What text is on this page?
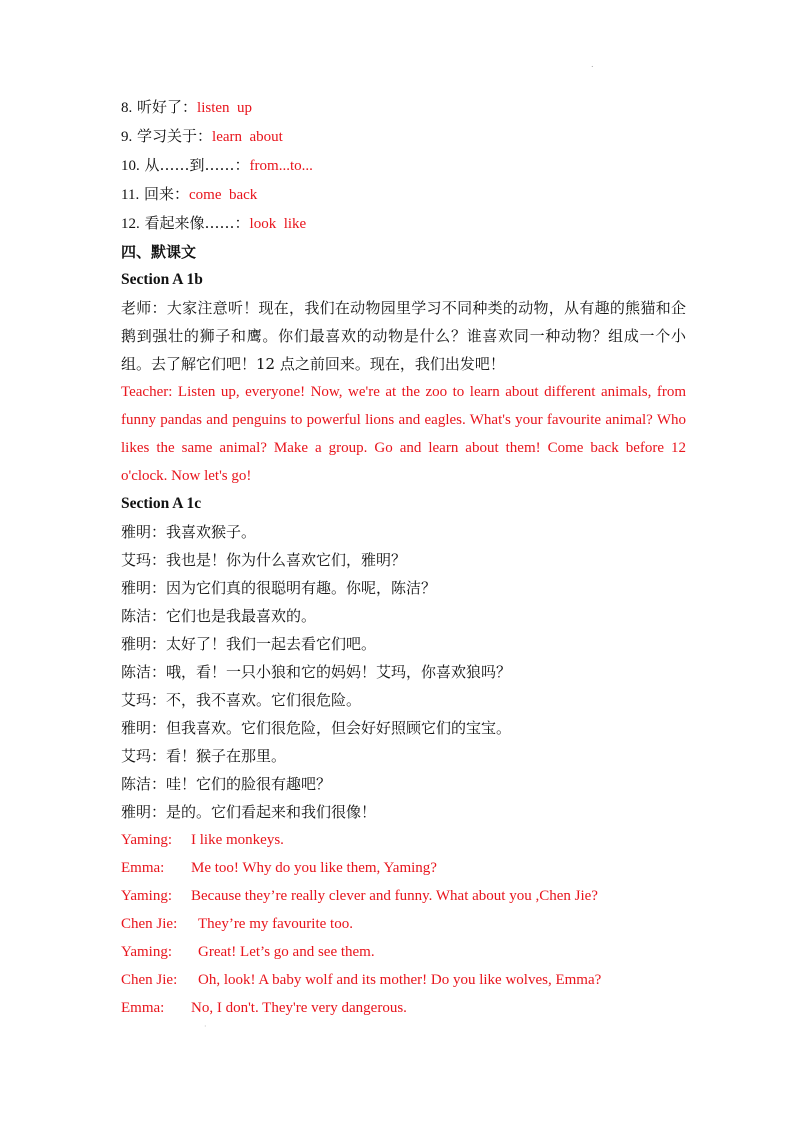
.
8. 听好了：listen  up
9. 学习关于：learn  about
10. 从……到……：from...to...
11. 回来：come  back
12. 看起来像……：look  like
四、默课文
Section A 1b
老师：大家注意听！现在，我们在动物园里学习不同种类的动物，从有趣的熊猫和企鹅到强壮的狮子和鹰。你们最喜欢的动物是什么？谁喜欢同一种动物？组成一个小组。去了解它们吧！12 点之前回来。现在，我们出发吧！
Teacher: Listen up, everyone! Now, we're at the zoo to learn about different animals, from funny pandas and penguins to powerful lions and eagles. What's your favourite animal? Who likes the same animal? Make a group. Go and learn about them! Come back before 12 o'clock. Now let's go!
Section A 1c
雅明：我喜欢猴子。
艾玛：我也是！你为什么喜欢它们，雅明？
雅明：因为它们真的很聪明有趣。你呢，陈洁？
陈洁：它们也是我最喜欢的。
雅明：太好了！我们一起去看它们吧。
陈洁：哦，看！一只小狼和它的妈妈！艾玛，你喜欢狼吗？
艾玛：不，我不喜欢。它们很危险。
雅明：但我喜欢。它们很危险，但会好好照顾它们的宝宝。
艾玛：看！猴子在那里。
陈洁：哇！它们的脸很有趣吧？
雅明：是的。它们看起来和我们很像！
Yaming: I like monkeys.
Emma: Me too! Why do you like them, Yaming?
Yaming: Because they’re really clever and funny. What about you ,Chen Jie?
Chen Jie: They’re my favourite too.
Yaming: Great! Let’s go and see them.
Chen Jie: Oh, look! A baby wolf and its mother! Do you like wolves, Emma?
Emma: No, I don't. They're very dangerous.
·
